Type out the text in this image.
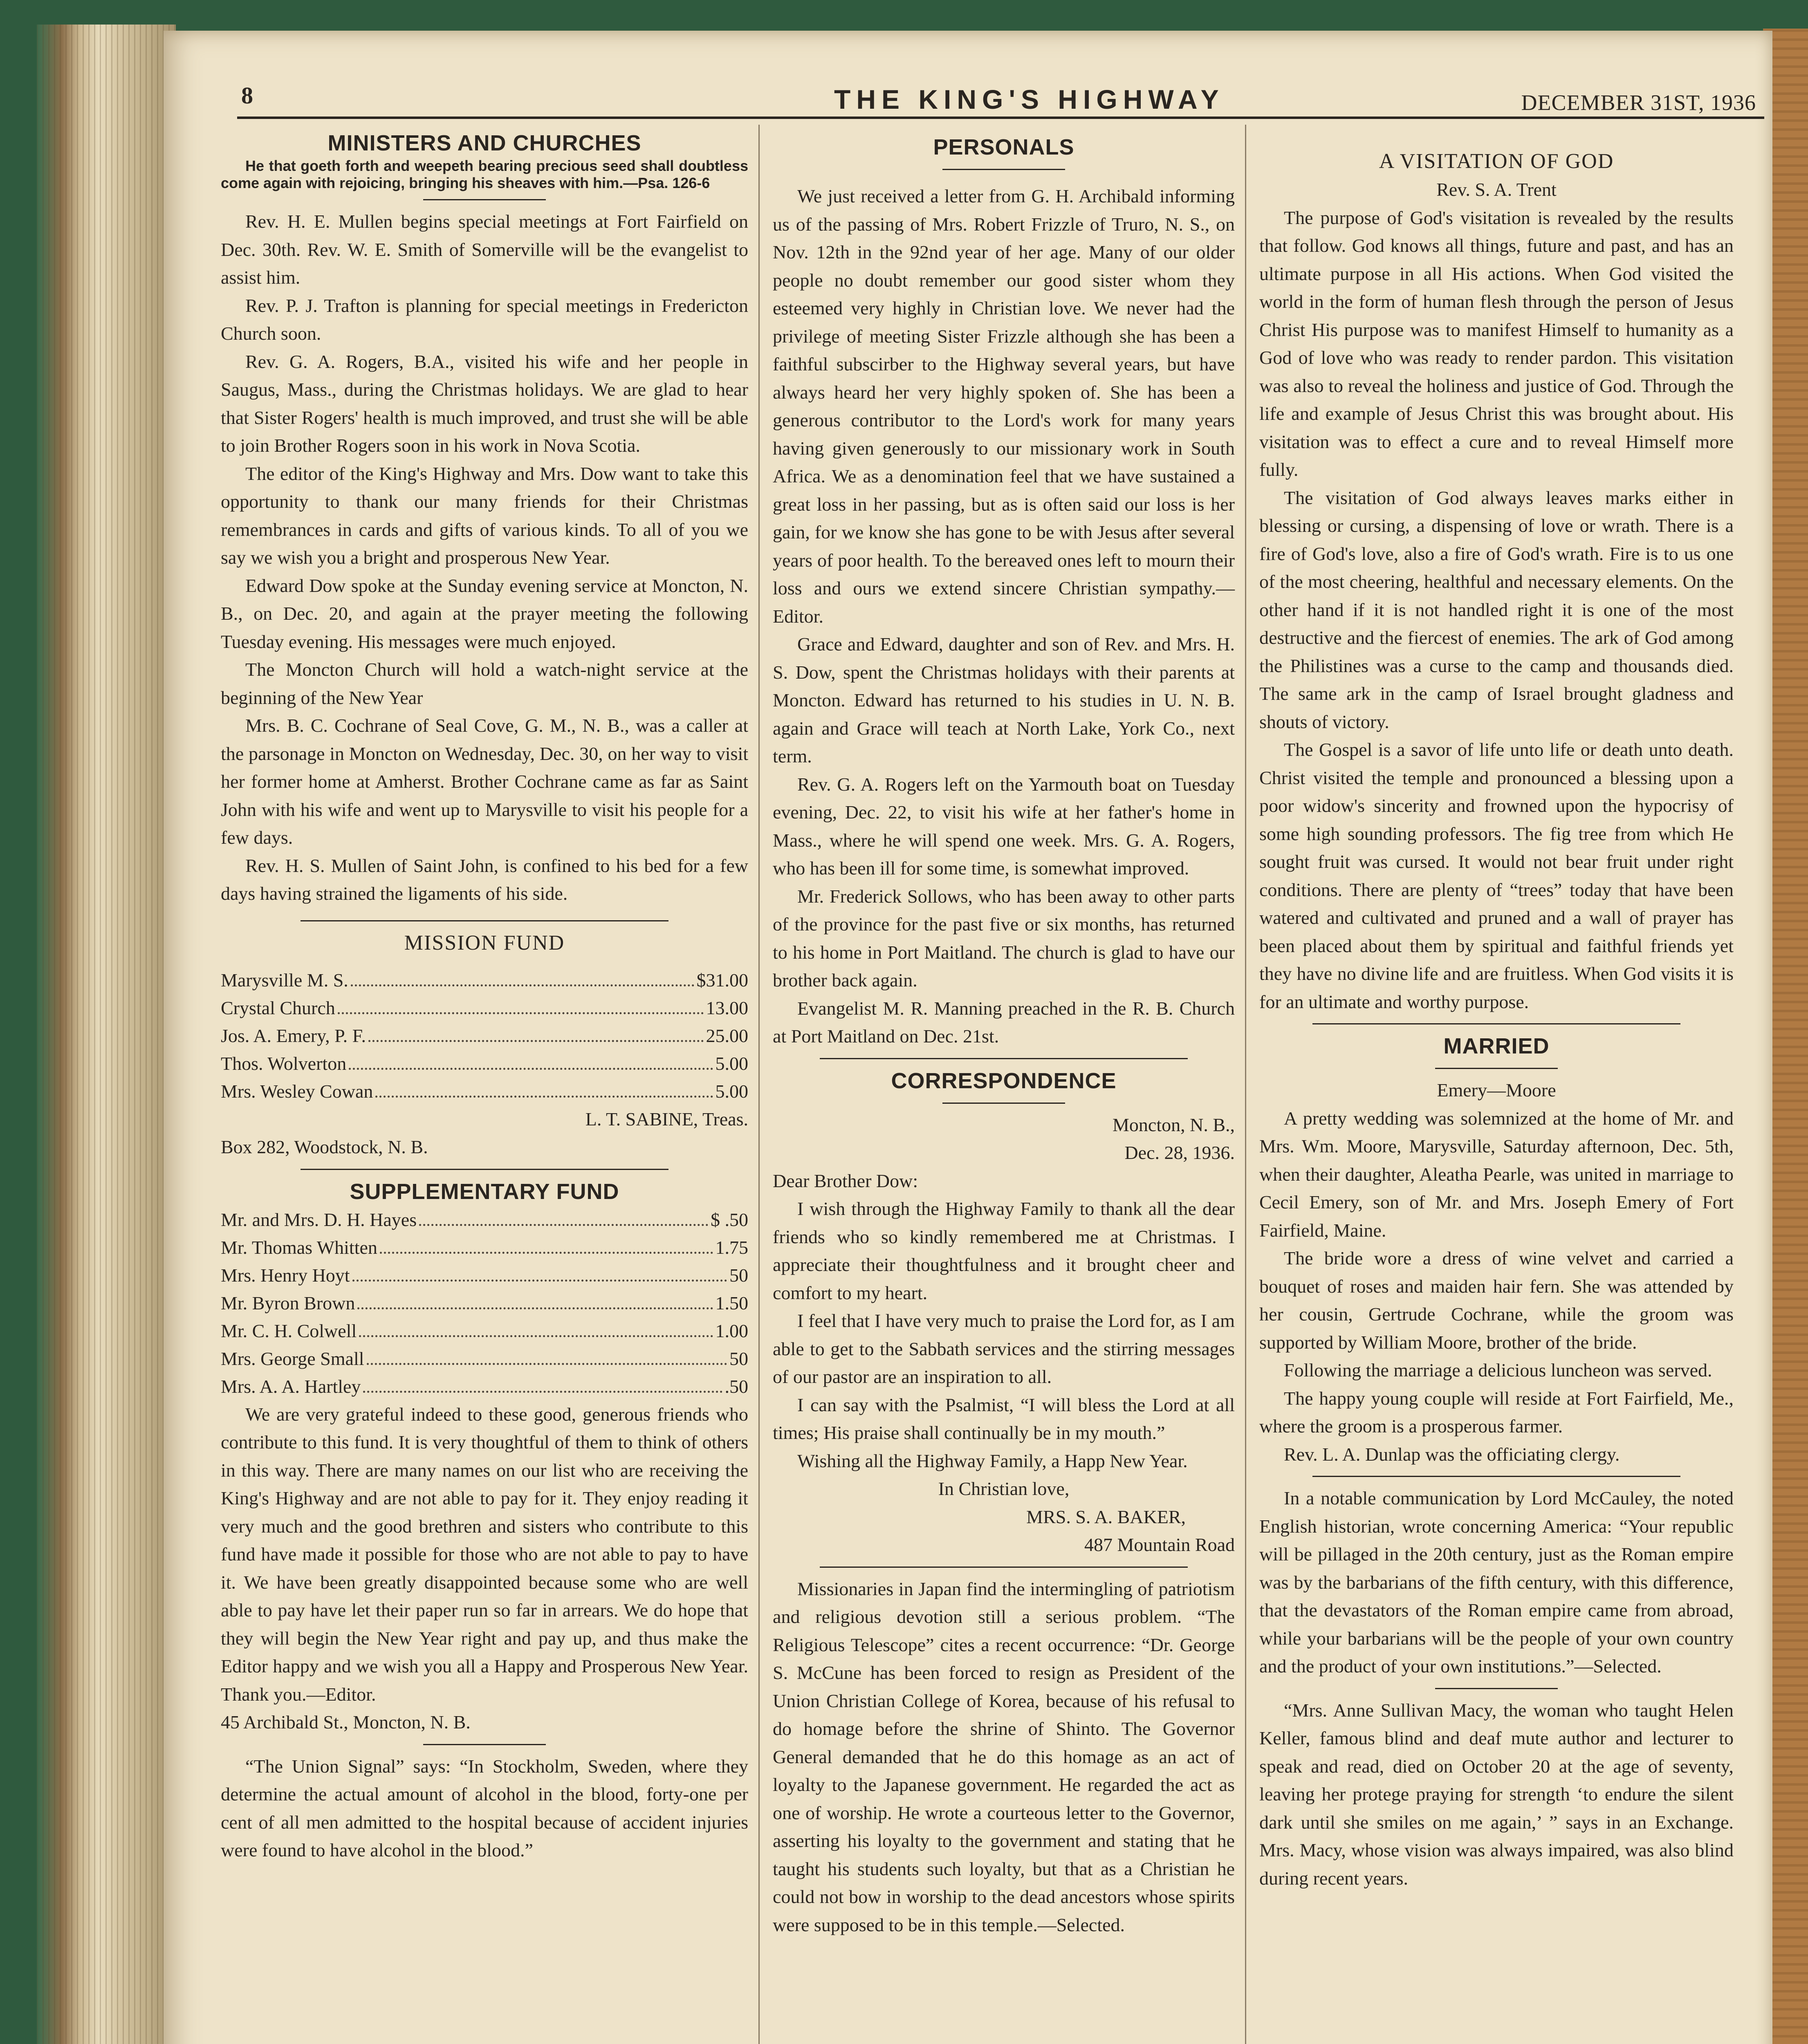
8	THE KING'S HIGHWAY	DECEMBER 31ST, 1936
MINISTERS AND CHURCHES

He that goeth forth and weepeth bearing precious seed shall doubtless come again with rejoicing, bringing his sheaves with him.—Psa. 126-6

Rev. H. E. Mullen begins special meetings at Fort Fairfield on Dec. 30th. Rev. W. E. Smith of Somerville will be the evangelist to assist him.

Rev. P. J. Trafton is planning for special meetings in Fredericton Church soon.

Rev. G. A. Rogers, B.A., visited his wife and her people in Saugus, Mass., during the Christmas holidays. We are glad to hear that Sister Rogers' health is much improved, and trust she will be able to join Brother Rogers soon in his work in Nova Scotia.

The editor of the King's Highway and Mrs. Dow want to take this opportunity to thank our many friends for their Christmas remembrances in cards and gifts of various kinds. To all of you we say we wish you a bright and prosperous New Year.

Edward Dow spoke at the Sunday evening service at Moncton, N. B., on Dec. 20, and again at the prayer meeting the following Tuesday evening. His messages were much enjoyed.

The Moncton Church will hold a watch-night service at the beginning of the New Year

Mrs. B. C. Cochrane of Seal Cove, G. M., N. B., was a caller at the parsonage in Moncton on Wednesday, Dec. 30, on her way to visit her former home at Amherst. Brother Cochrane came as far as Saint John with his wife and went up to Marysville to visit his people for a few days.

Rev. H. S. Mullen of Saint John, is confined to his bed for a few days having strained the ligaments of his side.

MISSION FUND
Marysville M. S.	$31.00
Crystal Church	13.00
Jos. A. Emery, P. F.	25.00
Thos. Wolverton	5.00
Mrs. Wesley Cowan	5.00

L. T. SABINE, Treas.

Box 282, Woodstock, N. B.

SUPPLEMENTARY FUND
Mr. and Mrs. D. H. Hayes	$ .50
Mr. Thomas Whitten	1.75
Mrs. Henry Hoyt	50
Mr. Byron Brown	1.50
Mr. C. H. Colwell	1.00
Mrs. George Small	50
Mrs. A. A. Hartley	.50

We are very grateful indeed to these good, generous friends who contribute to this fund. It is very thoughtful of them to think of others in this way. There are many names on our list who are receiving the King's Highway and are not able to pay for it. They enjoy reading it very much and the good brethren and sisters who contribute to this fund have made it possible for those who are not able to pay to have it. We have been greatly disappointed because some who are well able to pay have let their paper run so far in arrears. We do hope that they will begin the New Year right and pay up, and thus make the Editor happy and we wish you all a Happy and Prosperous New Year. Thank you.—Editor.

45 Archibald St., Moncton, N. B.

“The Union Signal” says: “In Stockholm, Sweden, where they determine the actual amount of alcohol in the blood, forty-one per cent of all men admitted to the hospital because of accident injuries were found to have alcohol in the blood.”

PERSONALS

We just received a letter from G. H. Archibald informing us of the passing of Mrs. Robert Frizzle of Truro, N. S., on Nov. 12th in the 92nd year of her age. Many of our older people no doubt remember our good sister whom they esteemed very highly in Christian love. We never had the privilege of meeting Sister Frizzle although she has been a faithful subscirber to the Highway several years, but have always heard her very highly spoken of. She has been a generous contributor to the Lord's work for many years having given generously to our missionary work in South Africa. We as a denomination feel that we have sustained a great loss in her passing, but as is often said our loss is her gain, for we know she has gone to be with Jesus after several years of poor health. To the bereaved ones left to mourn their loss and ours we extend sincere Christian sympathy.—Editor.

Grace and Edward, daughter and son of Rev. and Mrs. H. S. Dow, spent the Christmas holidays with their parents at Moncton. Edward has returned to his studies in U. N. B. again and Grace will teach at North Lake, York Co., next term.

Rev. G. A. Rogers left on the Yarmouth boat on Tuesday evening, Dec. 22, to visit his wife at her father's home in Mass., where he will spend one week. Mrs. G. A. Rogers, who has been ill for some time, is somewhat improved.

Mr. Frederick Sollows, who has been away to other parts of the province for the past five or six months, has returned to his home in Port Maitland. The church is glad to have our brother back again.

Evangelist M. R. Manning preached in the R. B. Church at Port Maitland on Dec. 21st.

CORRESPONDENCE

Moncton, N. B.,

Dec. 28, 1936.

Dear Brother Dow:

I wish through the Highway Family to thank all the dear friends who so kindly remembered me at Christmas. I appreciate their thoughtfulness and it brought cheer and comfort to my heart.

I feel that I have very much to praise the Lord for, as I am able to get to the Sabbath services and the stirring messages of our pastor are an inspiration to all.

I can say with the Psalmist, “I will bless the Lord at all times; His praise shall continually be in my mouth.”

Wishing all the Highway Family, a Happ New Year.

In Christian love,

MRS. S. A. BAKER,

487 Mountain Road

Missionaries in Japan find the intermingling of patriotism and religious devotion still a serious problem. “The Religious Telescope” cites a recent occurrence: “Dr. George S. McCune has been forced to resign as President of the Union Christian College of Korea, because of his refusal to do homage before the shrine of Shinto. The Governor General demanded that he do this homage as an act of loyalty to the Japanese government. He regarded the act as one of worship. He wrote a courteous letter to the Governor, asserting his loyalty to the government and stating that he taught his students such loyalty, but that as a Christian he could not bow in worship to the dead ancestors whose spirits were supposed to be in this temple.—Selected.

A VISITATION OF GOD

Rev. S. A. Trent

The purpose of God's visitation is revealed by the results that follow. God knows all things, future and past, and has an ultimate purpose in all His actions. When God visited the world in the form of human flesh through the person of Jesus Christ His purpose was to manifest Himself to humanity as a God of love who was ready to render pardon. This visitation was also to reveal the holiness and justice of God. Through the life and example of Jesus Christ this was brought about. His visitation was to effect a cure and to reveal Himself more fully.

The visitation of God always leaves marks either in blessing or cursing, a dispensing of love or wrath. There is a fire of God's love, also a fire of God's wrath. Fire is to us one of the most cheering, healthful and necessary elements. On the other hand if it is not handled right it is one of the most destructive and the fiercest of enemies. The ark of God among the Philistines was a curse to the camp and thousands died. The same ark in the camp of Israel brought gladness and shouts of victory.

The Gospel is a savor of life unto life or death unto death. Christ visited the temple and pronounced a blessing upon a poor widow's sincerity and frowned upon the hypocrisy of some high sounding professors. The fig tree from which He sought fruit was cursed. It would not bear fruit under right conditions. There are plenty of “trees” today that have been watered and cultivated and pruned and a wall of prayer has been placed about them by spiritual and faithful friends yet they have no divine life and are fruitless. When God visits it is for an ultimate and worthy purpose.

MARRIED

Emery—Moore

A pretty wedding was solemnized at the home of Mr. and Mrs. Wm. Moore, Marysville, Saturday afternoon, Dec. 5th, when their daughter, Aleatha Pearle, was united in marriage to Cecil Emery, son of Mr. and Mrs. Joseph Emery of Fort Fairfield, Maine.

The bride wore a dress of wine velvet and carried a bouquet of roses and maiden hair fern. She was attended by her cousin, Gertrude Cochrane, while the groom was supported by William Moore, brother of the bride.

Following the marriage a delicious luncheon was served.

The happy young couple will reside at Fort Fairfield, Me., where the groom is a prosperous farmer.

Rev. L. A. Dunlap was the officiating clergy.

In a notable communication by Lord McCauley, the noted English historian, wrote concerning America: “Your republic will be pillaged in the 20th century, just as the Roman empire was by the barbarians of the fifth century, with this difference, that the devastators of the Roman empire came from abroad, while your barbarians will be the people of your own country and the product of your own institutions.”—Selected.

“Mrs. Anne Sullivan Macy, the woman who taught Helen Keller, famous blind and deaf mute author and lecturer to speak and read, died on October 20 at the age of seventy, leaving her protege praying for strength ‘to endure the silent dark until she smiles on me again,’ ” says in an Exchange. Mrs. Macy, whose vision was always impaired, was also blind during recent years.
